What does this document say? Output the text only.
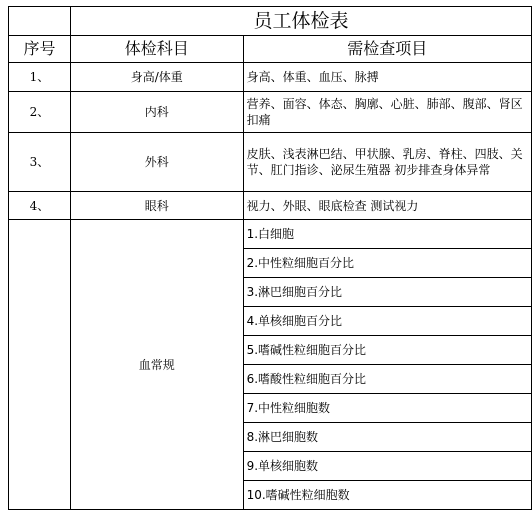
	员工体检表	
序号	体检科目	需检查项目
1、	身高/体重	身高、体重、血压、脉搏
2、	内科	营养、面容、体态、胸廓、心脏、肺部、腹部、肾区扣痛
3、	外科	皮肤、浅表淋巴结、甲状腺、乳房、脊柱、四肢、关节、肛门指诊、泌尿生殖器 初步排查身体异常
4、	眼科	视力、外眼、眼底检查 测试视力
	血常规	1.白细胞
		2.中性粒细胞百分比
		3.淋巴细胞百分比
		4.单核细胞百分比
		5.嗜碱性粒细胞百分比
		6.嗜酸性粒细胞百分比
		7.中性粒细胞数
		8.淋巴细胞数
		9.单核细胞数
		10.嗜碱性粒细胞数
